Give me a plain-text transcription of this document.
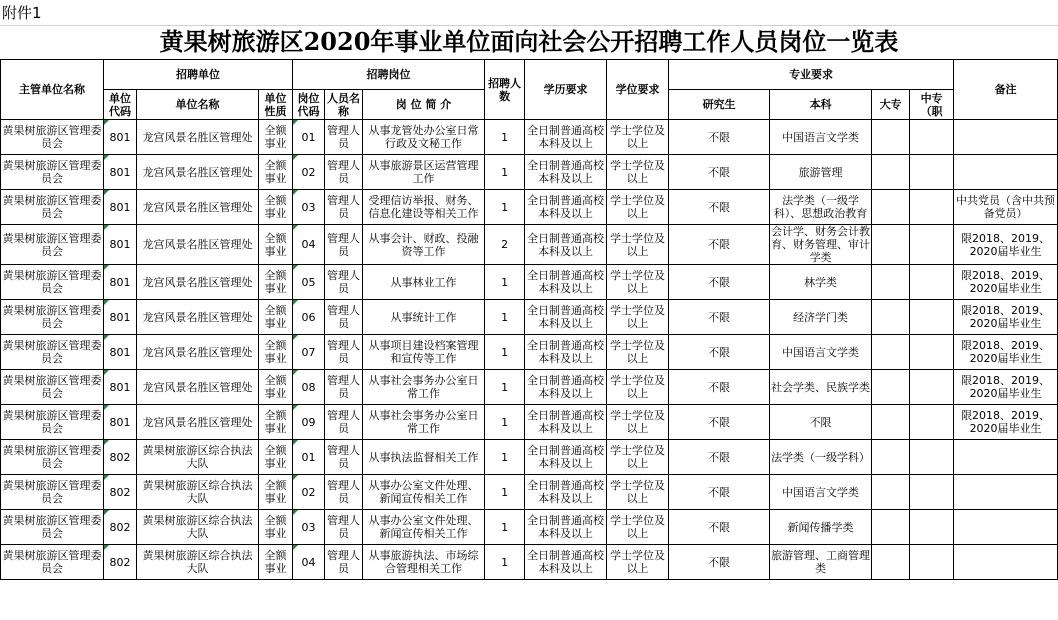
附件1
黄果树旅游区2020年事业单位面向社会公开招聘工作人员岗位一览表
主管单位名称	招聘单位			招聘岗位			招聘人数	学历要求	学位要求	专业要求				备注
	单位代码	单位名称	单位性质	岗位代码	人员名称	岗 位 简 介				研究生	本科	大专	中专（职	
黄果树旅游区管理委员会	801	龙宫风景名胜区管理处	全额事业	01	管理人员	从事龙管处办公室日常行政及文秘工作	1	全日制普通高校本科及以上	学士学位及以上	不限	中国语言文学类			
黄果树旅游区管理委员会	801	龙宫风景名胜区管理处	全额事业	02	管理人员	从事旅游景区运营管理工作	1	全日制普通高校本科及以上	学士学位及以上	不限	旅游管理			
黄果树旅游区管理委员会	801	龙宫风景名胜区管理处	全额事业	03	管理人员	受理信访举报、财务、信息化建设等相关工作	1	全日制普通高校本科及以上	学士学位及以上	不限	法学类（一级学科）、思想政治教育			中共党员（含中共预备党员）
黄果树旅游区管理委员会	801	龙宫风景名胜区管理处	全额事业	04	管理人员	从事会计、财政、投融资等工作	2	全日制普通高校本科及以上	学士学位及以上	不限	会计学、财务会计教育、财务管理、审计学类			限2018、2019、2020届毕业生
黄果树旅游区管理委员会	801	龙宫风景名胜区管理处	全额事业	05	管理人员	从事林业工作	1	全日制普通高校本科及以上	学士学位及以上	不限	林学类			限2018、2019、2020届毕业生
黄果树旅游区管理委员会	801	龙宫风景名胜区管理处	全额事业	06	管理人员	从事统计工作	1	全日制普通高校本科及以上	学士学位及以上	不限	经济学门类			限2018、2019、2020届毕业生
黄果树旅游区管理委员会	801	龙宫风景名胜区管理处	全额事业	07	管理人员	从事项目建设档案管理和宣传等工作	1	全日制普通高校本科及以上	学士学位及以上	不限	中国语言文学类			限2018、2019、2020届毕业生
黄果树旅游区管理委员会	801	龙宫风景名胜区管理处	全额事业	08	管理人员	从事社会事务办公室日常工作	1	全日制普通高校本科及以上	学士学位及以上	不限	社会学类、民族学类			限2018、2019、2020届毕业生
黄果树旅游区管理委员会	801	龙宫风景名胜区管理处	全额事业	09	管理人员	从事社会事务办公室日常工作	1	全日制普通高校本科及以上	学士学位及以上	不限	不限			限2018、2019、2020届毕业生
黄果树旅游区管理委员会	802	黄果树旅游区综合执法大队	全额事业	01	管理人员	从事执法监督相关工作	1	全日制普通高校本科及以上	学士学位及以上	不限	法学类（一级学科）			
黄果树旅游区管理委员会	802	黄果树旅游区综合执法大队	全额事业	02	管理人员	从事办公室文件处理、新闻宣传相关工作	1	全日制普通高校本科及以上	学士学位及以上	不限	中国语言文学类			
黄果树旅游区管理委员会	802	黄果树旅游区综合执法大队	全额事业	03	管理人员	从事办公室文件处理、新闻宣传相关工作	1	全日制普通高校本科及以上	学士学位及以上	不限	新闻传播学类			
黄果树旅游区管理委员会	802	黄果树旅游区综合执法大队	全额事业	04	管理人员	从事旅游执法、市场综合管理相关工作	1	全日制普通高校本科及以上	学士学位及以上	不限	旅游管理、工商管理类			
